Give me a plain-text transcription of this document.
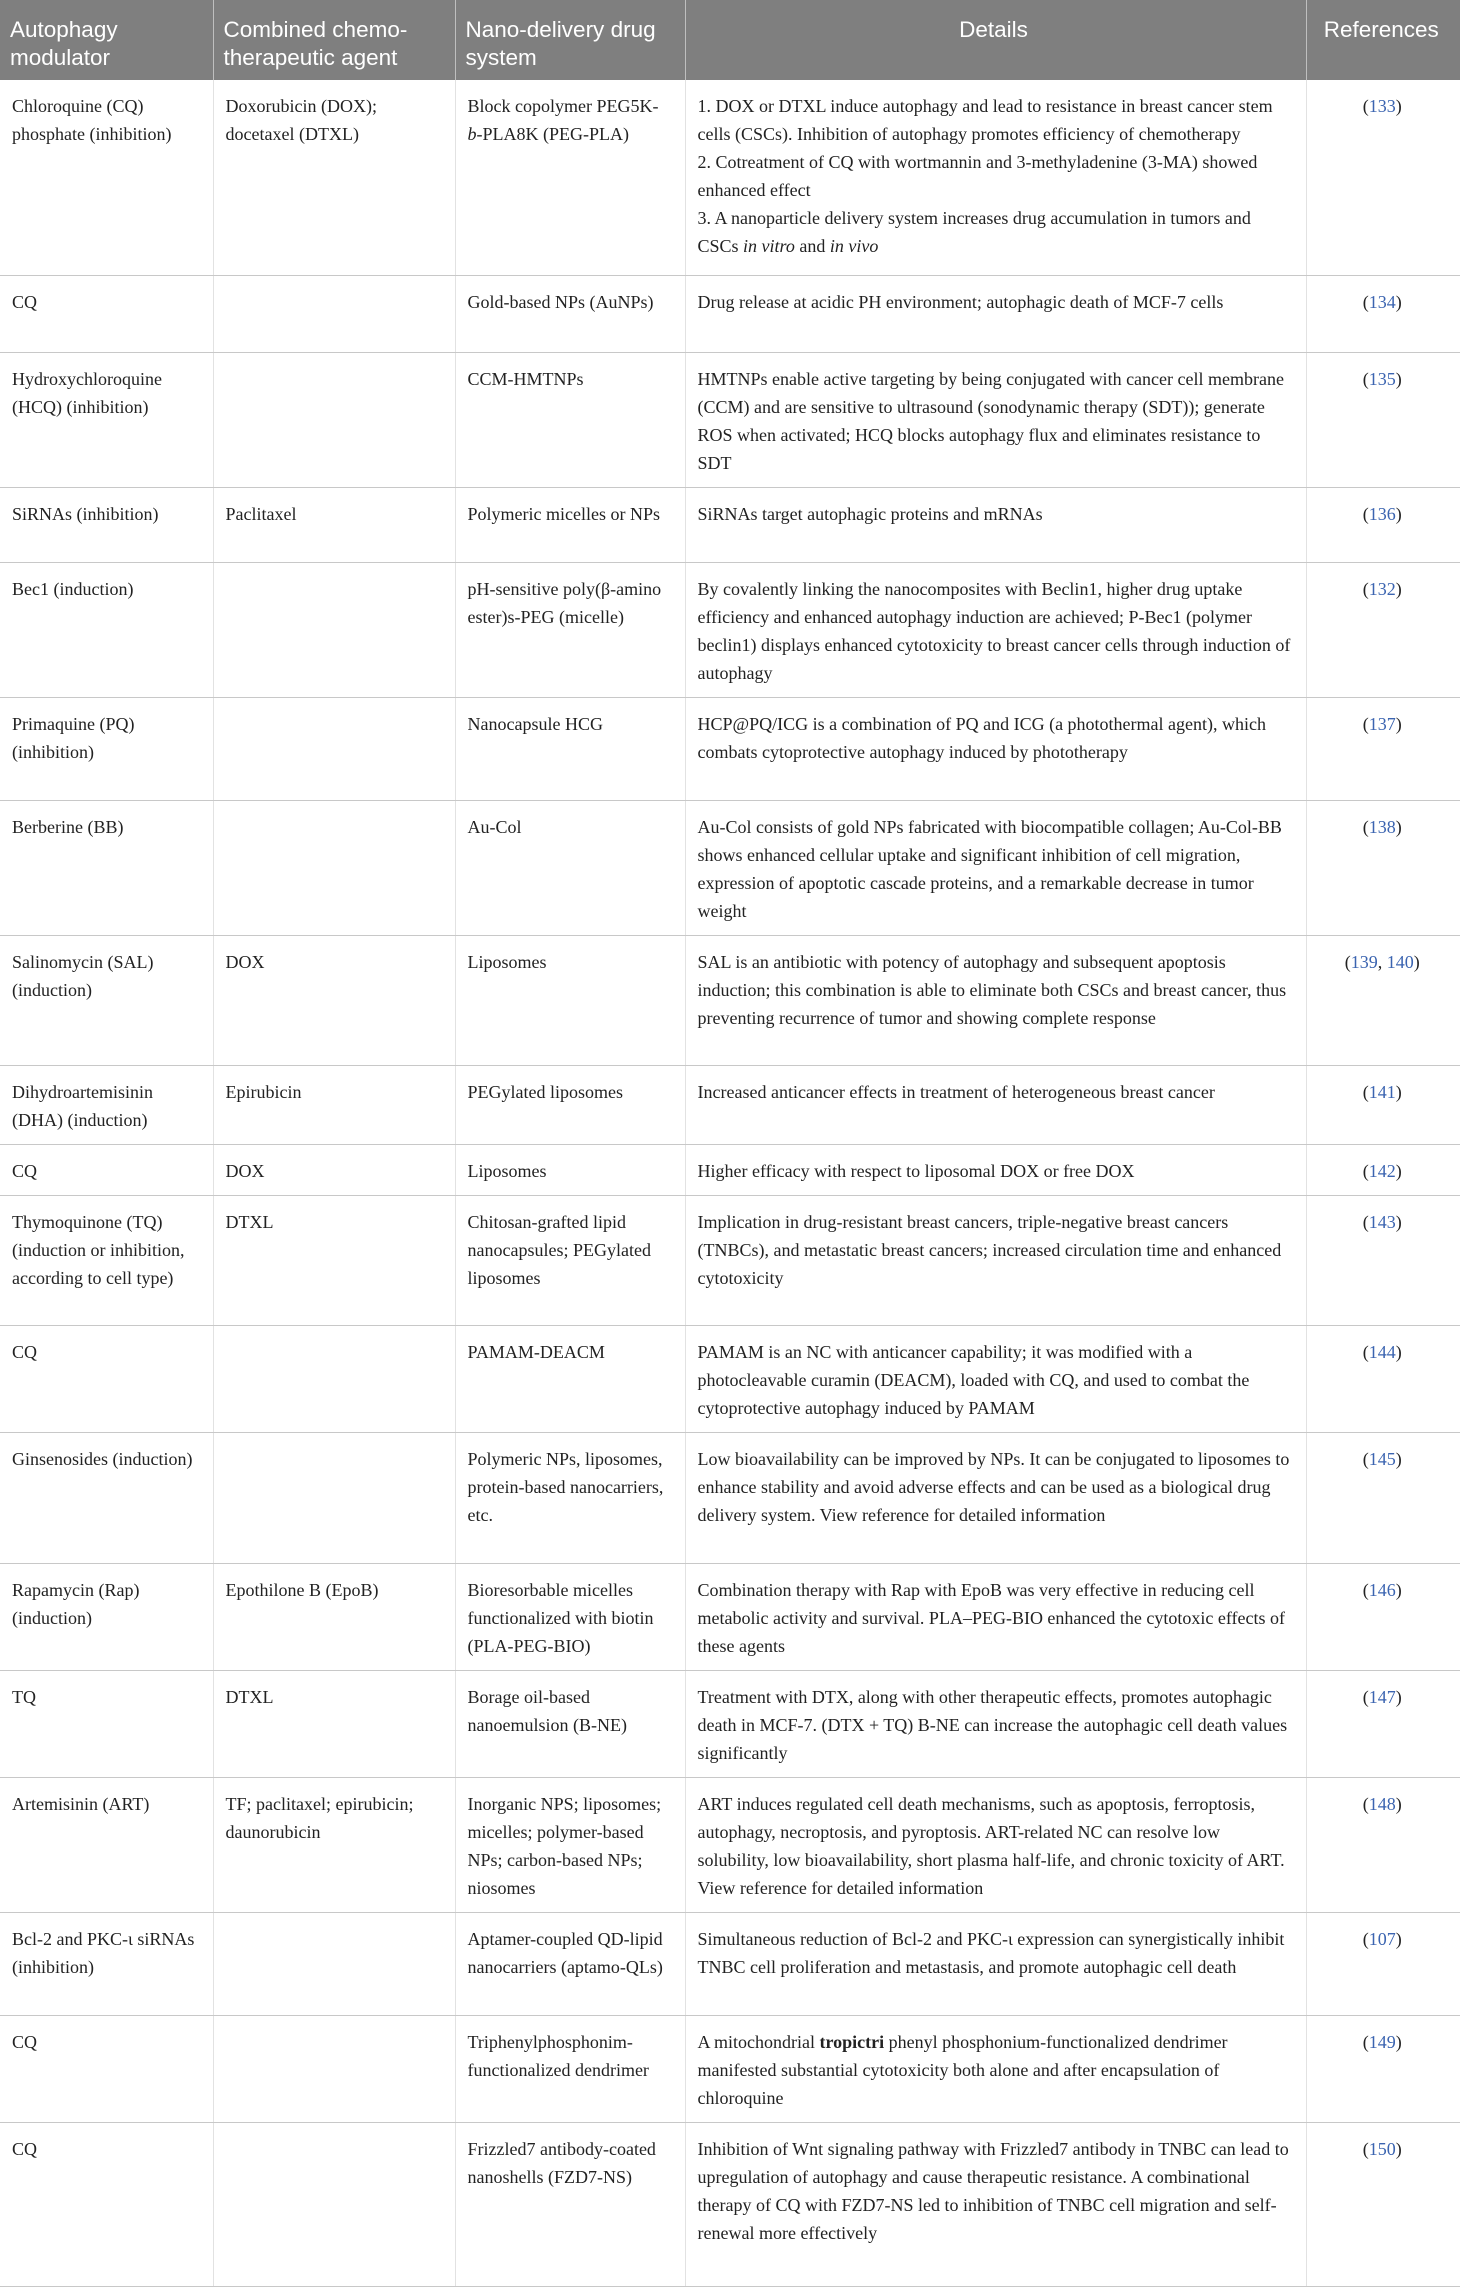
Autophagy modulator	Combined chemo-therapeutic agent	Nano-delivery drug system	Details	References
Chloroquine (CQ) phosphate (inhibition)	Doxorubicin (DOX); docetaxel (DTXL)	Block copolymer PEG5K-b-PLA8K (PEG-PLA)	1. DOX or DTXL induce autophagy and lead to resistance in breast cancer stem cells (CSCs). Inhibition of autophagy promotes efficiency of chemotherapy
2. Cotreatment of CQ with wortmannin and 3-methyladenine (3-MA) showed enhanced effect
3. A nanoparticle delivery system increases drug accumulation in tumors and CSCs in vitro and in vivo	(133)
CQ		Gold-based NPs (AuNPs)	Drug release at acidic PH environment; autophagic death of MCF-7 cells	(134)
Hydroxychloroquine (HCQ) (inhibition)		CCM-HMTNPs	HMTNPs enable active targeting by being conjugated with cancer cell membrane (CCM) and are sensitive to ultrasound (sonodynamic therapy (SDT)); generate ROS when activated; HCQ blocks autophagy flux and eliminates resistance to SDT	(135)
SiRNAs (inhibition)	Paclitaxel	Polymeric micelles or NPs	SiRNAs target autophagic proteins and mRNAs	(136)
Bec1 (induction)		pH-sensitive poly(β-amino ester)s-PEG (micelle)	By covalently linking the nanocomposites with Beclin1, higher drug uptake efficiency and enhanced autophagy induction are achieved; P-Bec1 (polymer beclin1) displays enhanced cytotoxicity to breast cancer cells through induction of autophagy	(132)
Primaquine (PQ) (inhibition)		Nanocapsule HCG	HCP@PQ/ICG is a combination of PQ and ICG (a photothermal agent), which combats cytoprotective autophagy induced by phototherapy	(137)
Berberine (BB)		Au-Col	Au-Col consists of gold NPs fabricated with biocompatible collagen; Au-Col-BB shows enhanced cellular uptake and significant inhibition of cell migration, expression of apoptotic cascade proteins, and a remarkable decrease in tumor weight	(138)
Salinomycin (SAL) (induction)	DOX	Liposomes	SAL is an antibiotic with potency of autophagy and subsequent apoptosis induction; this combination is able to eliminate both CSCs and breast cancer, thus preventing recurrence of tumor and showing complete response	(139, 140)
Dihydroartemisinin (DHA) (induction)	Epirubicin	PEGylated liposomes	Increased anticancer effects in treatment of heterogeneous breast cancer	(141)
CQ	DOX	Liposomes	Higher efficacy with respect to liposomal DOX or free DOX	(142)
Thymoquinone (TQ) (induction or inhibition, according to cell type)	DTXL	Chitosan-grafted lipid nanocapsules; PEGylated liposomes	Implication in drug-resistant breast cancers, triple-negative breast cancers (TNBCs), and metastatic breast cancers; increased circulation time and enhanced cytotoxicity	(143)
CQ		PAMAM-DEACM	PAMAM is an NC with anticancer capability; it was modified with a photocleavable curamin (DEACM), loaded with CQ, and used to combat the cytoprotective autophagy induced by PAMAM	(144)
Ginsenosides (induction)		Polymeric NPs, liposomes, protein-based nanocarriers, etc.	Low bioavailability can be improved by NPs. It can be conjugated to liposomes to enhance stability and avoid adverse effects and can be used as a biological drug delivery system. View reference for detailed information	(145)
Rapamycin (Rap) (induction)	Epothilone B (EpoB)	Bioresorbable micelles functionalized with biotin (PLA-PEG-BIO)	Combination therapy with Rap with EpoB was very effective in reducing cell metabolic activity and survival. PLA–PEG-BIO enhanced the cytotoxic effects of these agents	(146)
TQ	DTXL	Borage oil-based nanoemulsion (B-NE)	Treatment with DTX, along with other therapeutic effects, promotes autophagic death in MCF-7. (DTX + TQ) B-NE can increase the autophagic cell death values significantly	(147)
Artemisinin (ART)	TF; paclitaxel; epirubicin; daunorubicin	Inorganic NPS; liposomes; micelles; polymer-based NPs; carbon-based NPs; niosomes	ART induces regulated cell death mechanisms, such as apoptosis, ferroptosis, autophagy, necroptosis, and pyroptosis. ART-related NC can resolve low solubility, low bioavailability, short plasma half-life, and chronic toxicity of ART. View reference for detailed information	(148)
Bcl-2 and PKC-ι siRNAs (inhibition)		Aptamer-coupled QD-lipid nanocarriers (aptamo-QLs)	Simultaneous reduction of Bcl-2 and PKC-ι expression can synergistically inhibit TNBC cell proliferation and metastasis, and promote autophagic cell death	(107)
CQ		Triphenylphosphonim-functionalized dendrimer	A mitochondrial tropictri phenyl phosphonium-functionalized dendrimer manifested substantial cytotoxicity both alone and after encapsulation of chloroquine	(149)
CQ		Frizzled7 antibody-coated nanoshells (FZD7-NS)	Inhibition of Wnt signaling pathway with Frizzled7 antibody in TNBC can lead to upregulation of autophagy and cause therapeutic resistance. A combinational therapy of CQ with FZD7-NS led to inhibition of TNBC cell migration and self-renewal more effectively	(150)
